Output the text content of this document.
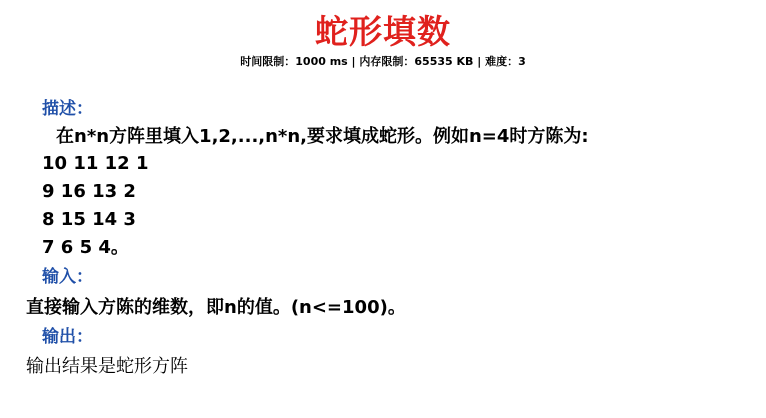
蛇形填数
时间限制：1000 ms | 内存限制：65535 KB | 难度：3
描述：
在n*n方阵里填入1,2,...,n*n,要求填成蛇形。例如n=4时方陈为:
10 11 12 1
9 16 13 2
8 15 14 3
7 6 5 4。
输入：
直接输入方陈的维数，即n的值。(n<=100)。
输出：
输出结果是蛇形方阵
